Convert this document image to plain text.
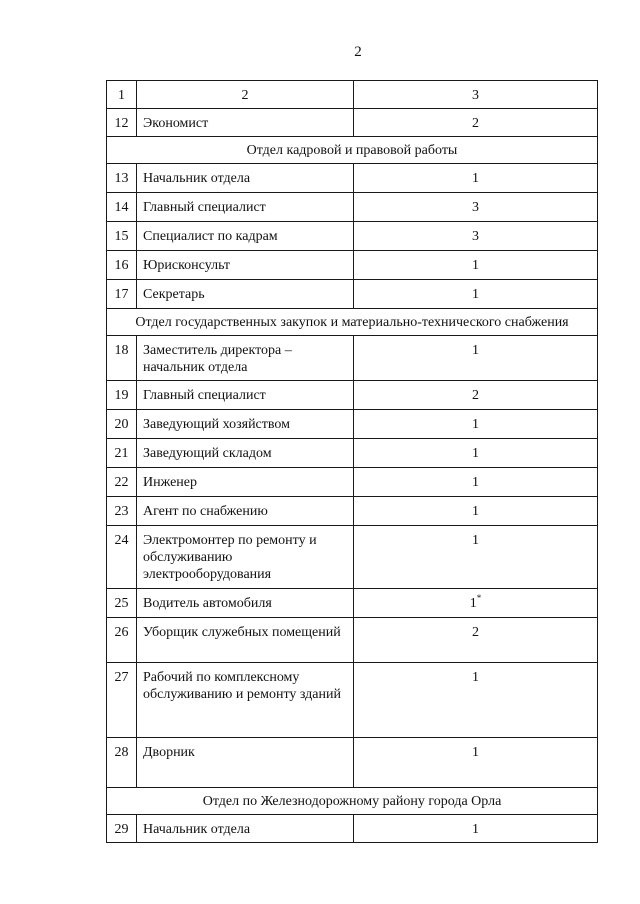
2
1	2	3

12	Экономист	2

Отдел кадровой и правовой работы		

13	Начальник отдела	1

14	Главный специалист	3

15	Специалист по кадрам	3

16	Юрисконсульт	1

17	Секретарь	1

Отдел государственных закупок и материально-технического снабжения		

18	Заместитель директора – начальник отдела	1

19	Главный специалист	2

20	Заведующий хозяйством	1

21	Заведующий складом	1

22	Инженер	1

23	Агент по снабжению	1

24	Электромонтер по ремонту и обслуживанию электрооборудования	1

25	Водитель автомобиля	1*

26	Уборщик служебных помещений	2

27	Рабочий по комплексному обслуживанию и ремонту зданий	1

28	Дворник	1

Отдел по Железнодорожному району города Орла		

29	Начальник отдела	1
